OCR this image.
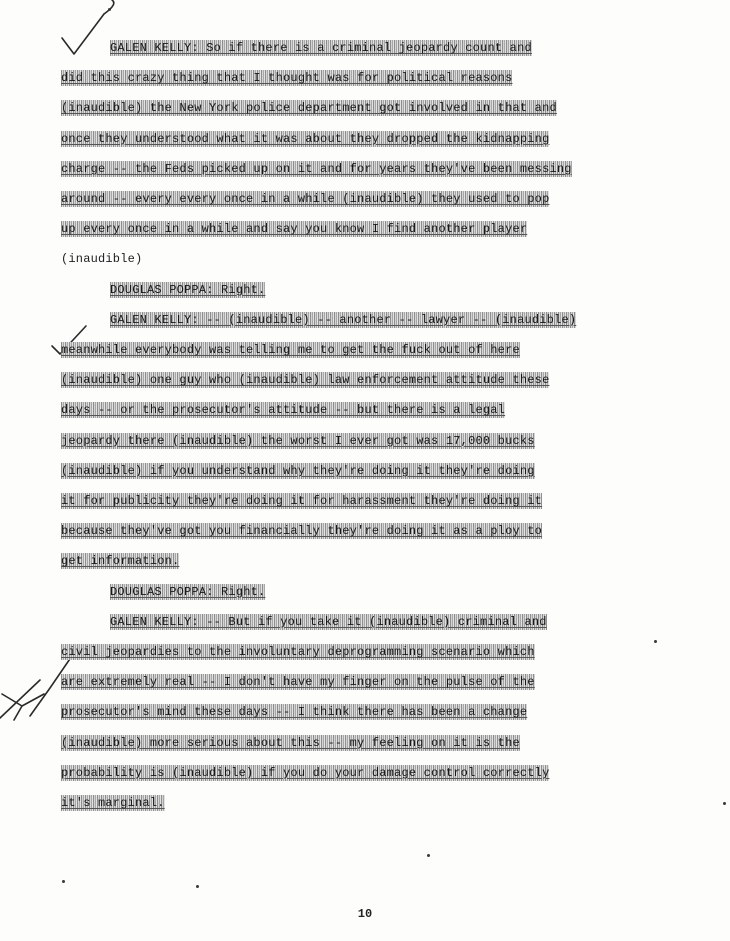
GALEN KELLY: So if there is a criminal jeopardy count and
did this crazy thing that I thought was for political reasons
(inaudible) the New York police department got involved in that and
once they understood what it was about they dropped the kidnapping
charge -- the Feds picked up on it and for years they've been messing
around -- every every once in a while (inaudible) they used to pop
up every once in a while and say you know I find another player
(inaudible)
DOUGLAS POPPA: Right.
GALEN KELLY: -- (inaudible) -- another -- lawyer -- (inaudible)
meanwhile everybody was telling me to get the fuck out of here
(inaudible) one guy who (inaudible) law enforcement attitude these
days -- or the prosecutor's attitude -- but there is a legal
jeopardy there (inaudible) the worst I ever got was 17,000 bucks
(inaudible) if you understand why they're doing it they're doing
it for publicity they're doing it for harassment they're doing it
because they've got you financially they're doing it as a ploy to
get information.
DOUGLAS POPPA: Right.
GALEN KELLY: -- But if you take it (inaudible) criminal and
civil jeopardies to the involuntary deprogramming scenario which
are extremely real -- I don't have my finger on the pulse of the
prosecutor's mind these days -- I think there has been a change
(inaudible) more serious about this -- my feeling on it is the
probability is (inaudible) if you do your damage control correctly
it's marginal.
10
